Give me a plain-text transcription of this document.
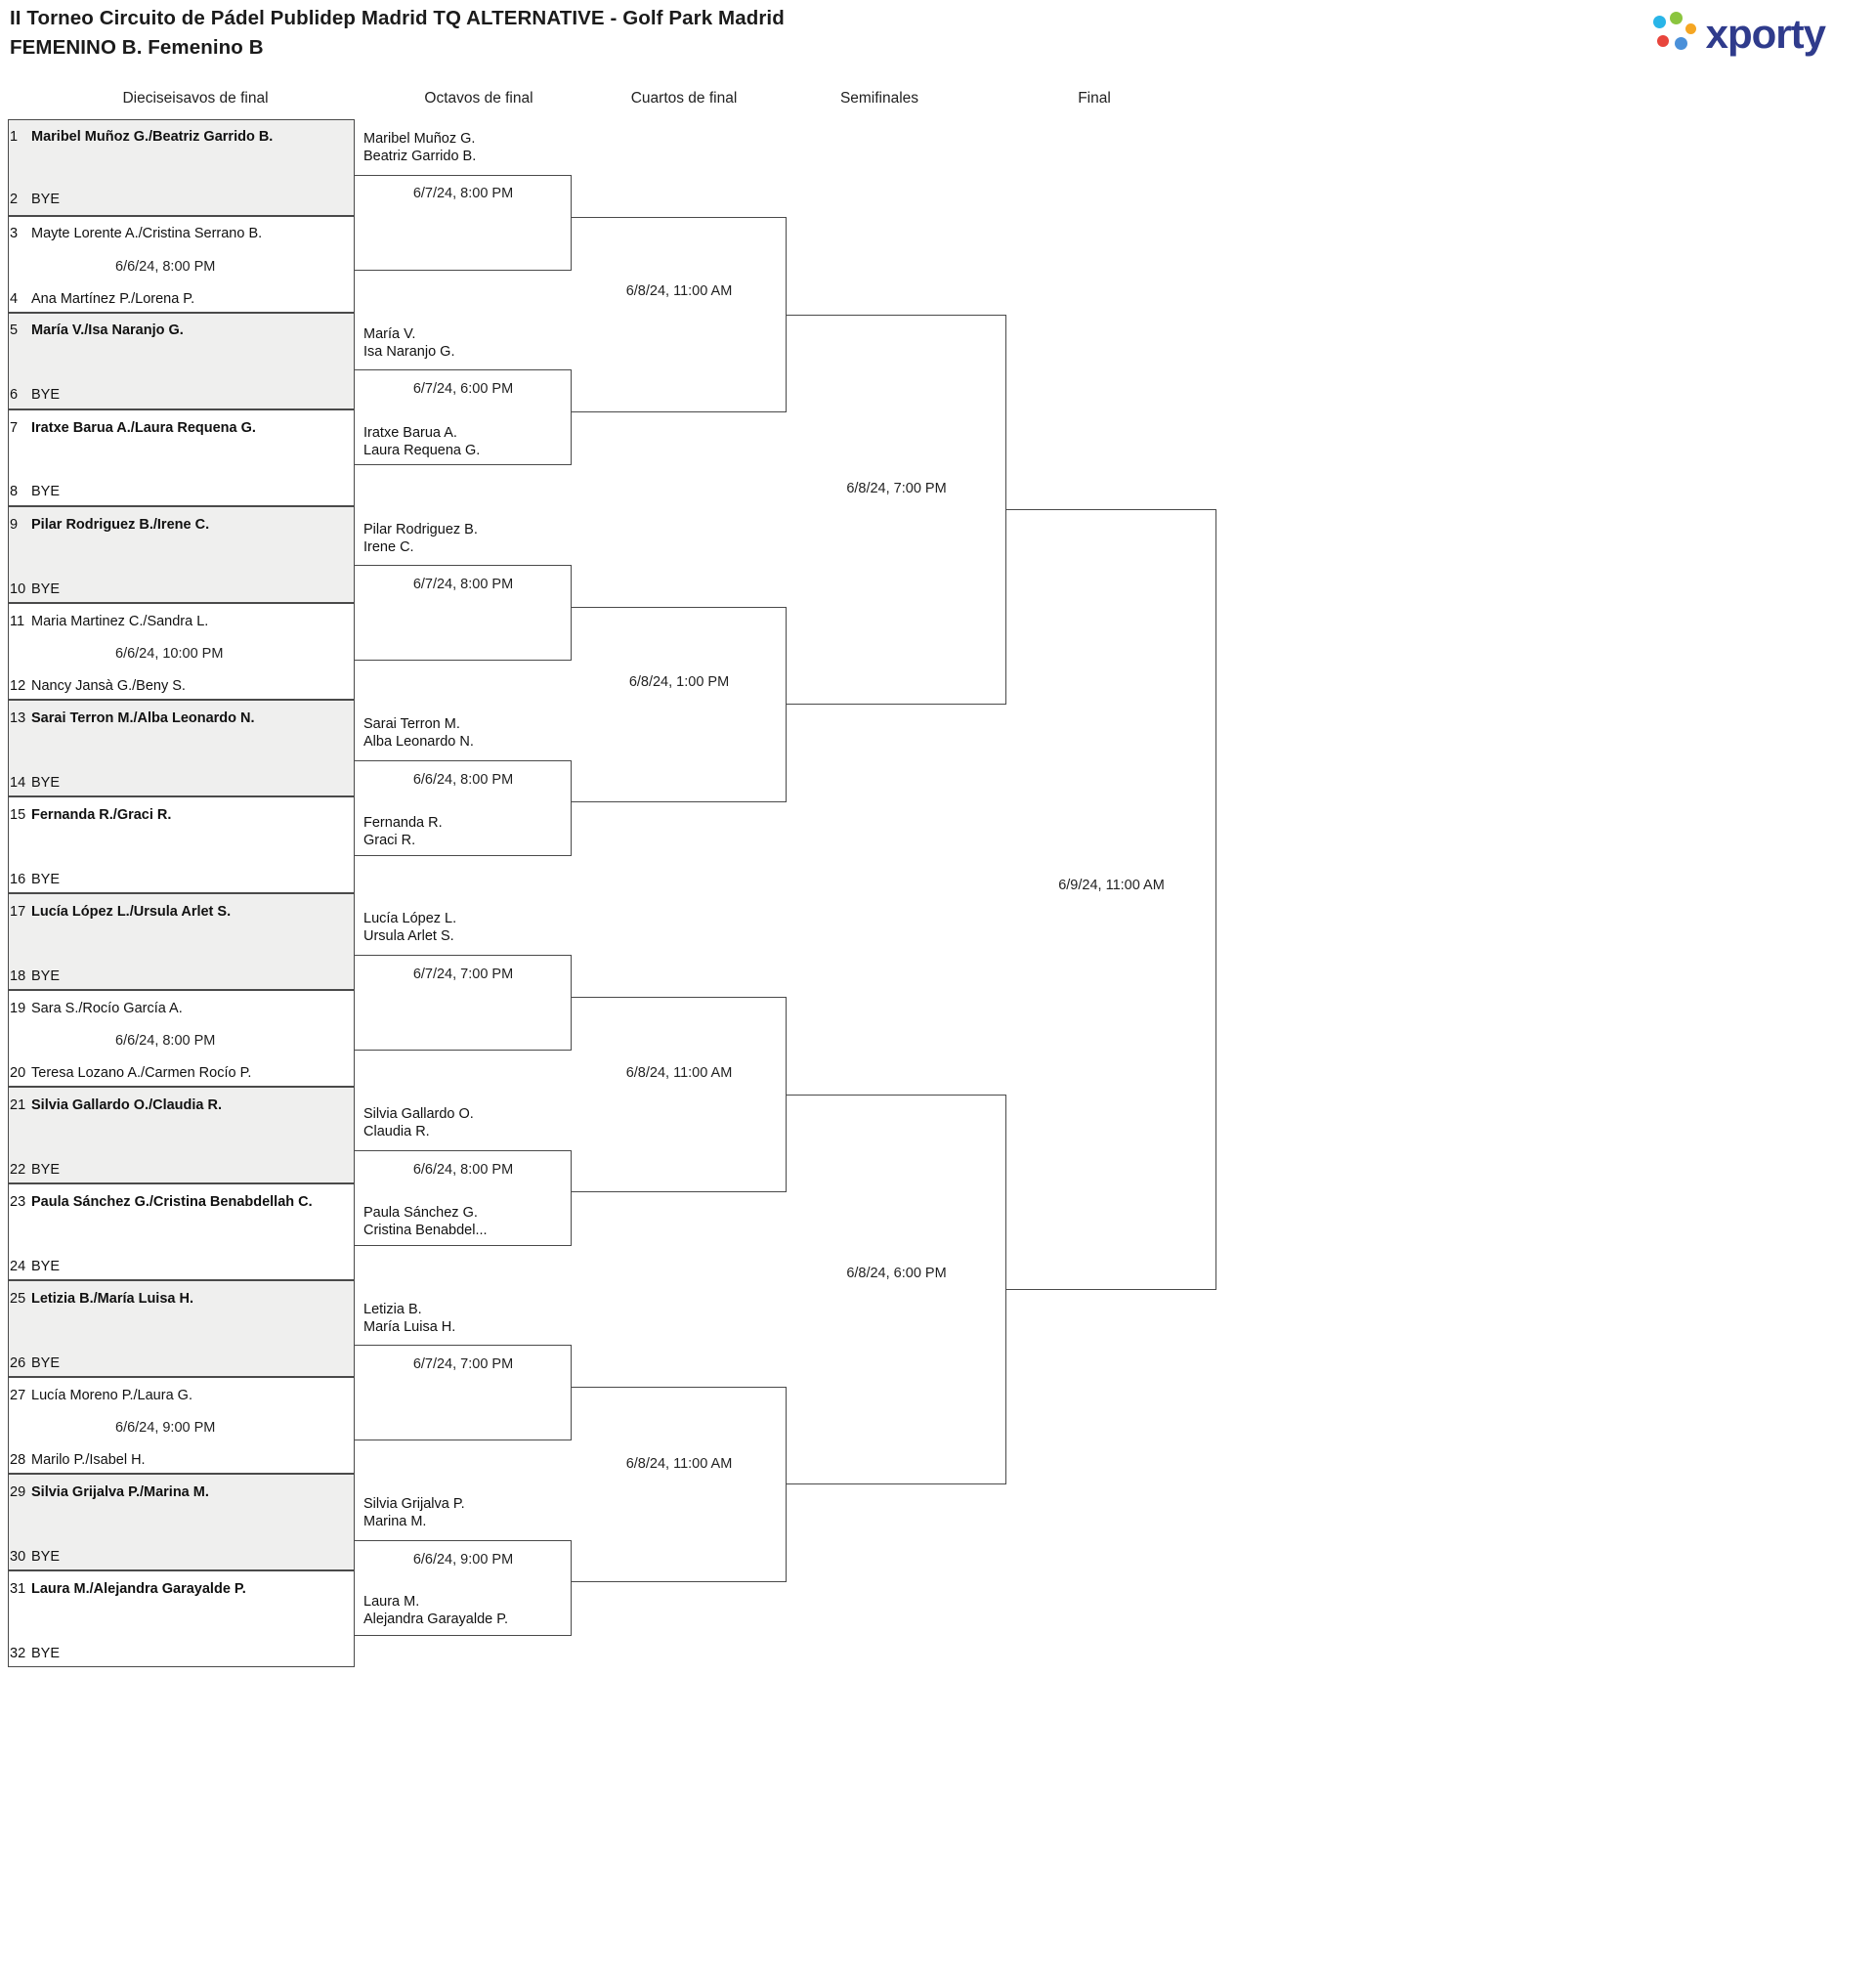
II Torneo Circuito de Pádel Publidep Madrid TQ ALTERNATIVE - Golf Park Madrid
FEMENINO B. Femenino B	xporty
Dieciseisavos de final	Octavos de final	Cuartos de final	Semifinales	Final
1 Maribel Muñoz G./Beatriz Garrido B.
2 BYE
3 Mayte Lorente A./Cristina Serrano B.
6/6/24, 8:00 PM
4 Ana Martínez P./Lorena P.
5 María V./Isa Naranjo G.
6 BYE
7 Iratxe Barua A./Laura Requena G.
8 BYE
9 Pilar Rodriguez B./Irene C.
10 BYE
11 Maria Martinez C./Sandra L.
6/6/24, 10:00 PM
12 Nancy Jansà G./Beny S.
13 Sarai Terron M./Alba Leonardo N.
14 BYE
15 Fernanda R./Graci R.
16 BYE
17 Lucía López L./Ursula Arlet S.
18 BYE
19 Sara S./Rocío García A.
6/6/24, 8:00 PM
20 Teresa Lozano A./Carmen Rocío P.
21 Silvia Gallardo O./Claudia R.
22 BYE
23 Paula Sánchez G./Cristina Benabdellah C.
24 BYE
25 Letizia B./María Luisa H.
26 BYE
27 Lucía Moreno P./Laura G.
6/6/24, 9:00 PM
28 Marilo P./Isabel H.
29 Silvia Grijalva P./Marina M.
30 BYE
31 Laura M./Alejandra Garayalde P.
32 BYE
Maribel Muñoz G.
Beatriz Garrido B.
6/7/24, 8:00 PM
María V.
Isa Naranjo G.
6/7/24, 6:00 PM
Iratxe Barua A.
Laura Requena G.
Pilar Rodriguez B.
Irene C.
6/7/24, 8:00 PM
Sarai Terron M.
Alba Leonardo N.
6/6/24, 8:00 PM
Fernanda R.
Graci R.
Lucía López L.
Ursula Arlet S.
6/7/24, 7:00 PM
Silvia Gallardo O.
Claudia R.
6/6/24, 8:00 PM
Paula Sánchez G.
Cristina Benabdel...
Letizia B.
María Luisa H.
6/7/24, 7:00 PM
Silvia Grijalva P.
Marina M.
6/6/24, 9:00 PM
Laura M.
Alejandra Garayalde P.
6/8/24, 11:00 AM
6/8/24, 1:00 PM
6/8/24, 11:00 AM
6/8/24, 11:00 AM
6/8/24, 7:00 PM
6/8/24, 6:00 PM
6/9/24, 11:00 AM
